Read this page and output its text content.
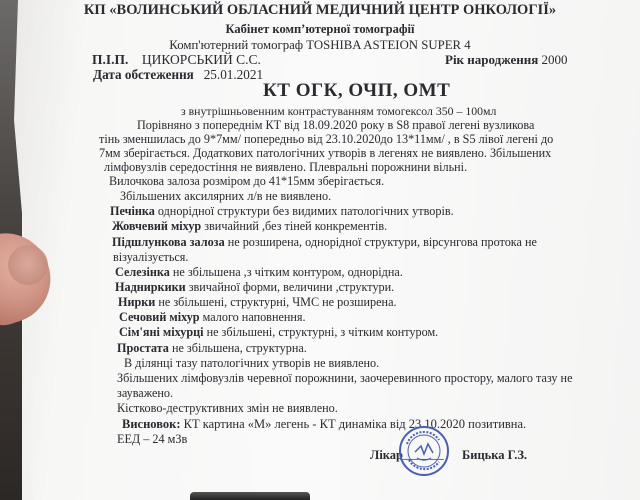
КП «ВОЛИНСЬКИЙ ОБЛАСНИЙ МЕДИЧНИЙ ЦЕНТР ОНКОЛОГІЇ»
Кабінет комп’ютерної томографії
Комп'ютерний томограф TOSHIBA ASTEION SUPER 4
П.І.П. ЦИКОРСЬКИЙ С.С.	Рік народження 2000
Дата обстеження 25.01.2021
КТ ОГК, ОЧП, ОМТ
з внутрішньовенним контрастуванням томогексол 350 – 100мл
Порівняно з попереднім КТ від 18.09.2020 року в S8 правої легені вузликова
тінь зменшилась до 9*7мм/ попередньо від 23.10.2020до 13*11мм/ , в S5 лівої легені до
7мм зберігається. Додаткових патологічних утворів в легенях не виявлено. Збільшених
лімфовузлів середостіння не виявлено. Плевральні порожнини вільні.
Вилочкова залоза розміром до 41*15мм зберігається.
Збільшених аксилярних л/в не виявлено.
Печінка однорідної структури без видимих патологічних утворів.
Жовчевий міхур звичайний ,без тіней конкрементів.
Підшлункова залоза не розширена, однорідної структури, вірсунгова протока не
візуалізується.
Селезінка не збільшена ,з чітким контуром, однорідна.
Надниркики звичайної форми, величини ,структури.
Нирки не збільшені, структурні, ЧМС не розширена.
Сечовий міхур малого наповнення.
Сім'яні міхурці не збільшені, структурні, з чітким контуром.
Простата не збільшена, структурна.
В ділянці тазу патологічних утворів не виявлено.
Збільшених лімфовузлів черевної порожнини, заочеревинного простору, малого тазу не
зауважено.
Кістково-деструктивних змін не виявлено.
Висновок: КТ картина «М» легень - КТ динаміка від 23.10.2020 позитивна.
ЕЕД – 24 мЗв
Лікар
_______ Бицька Г.З.
